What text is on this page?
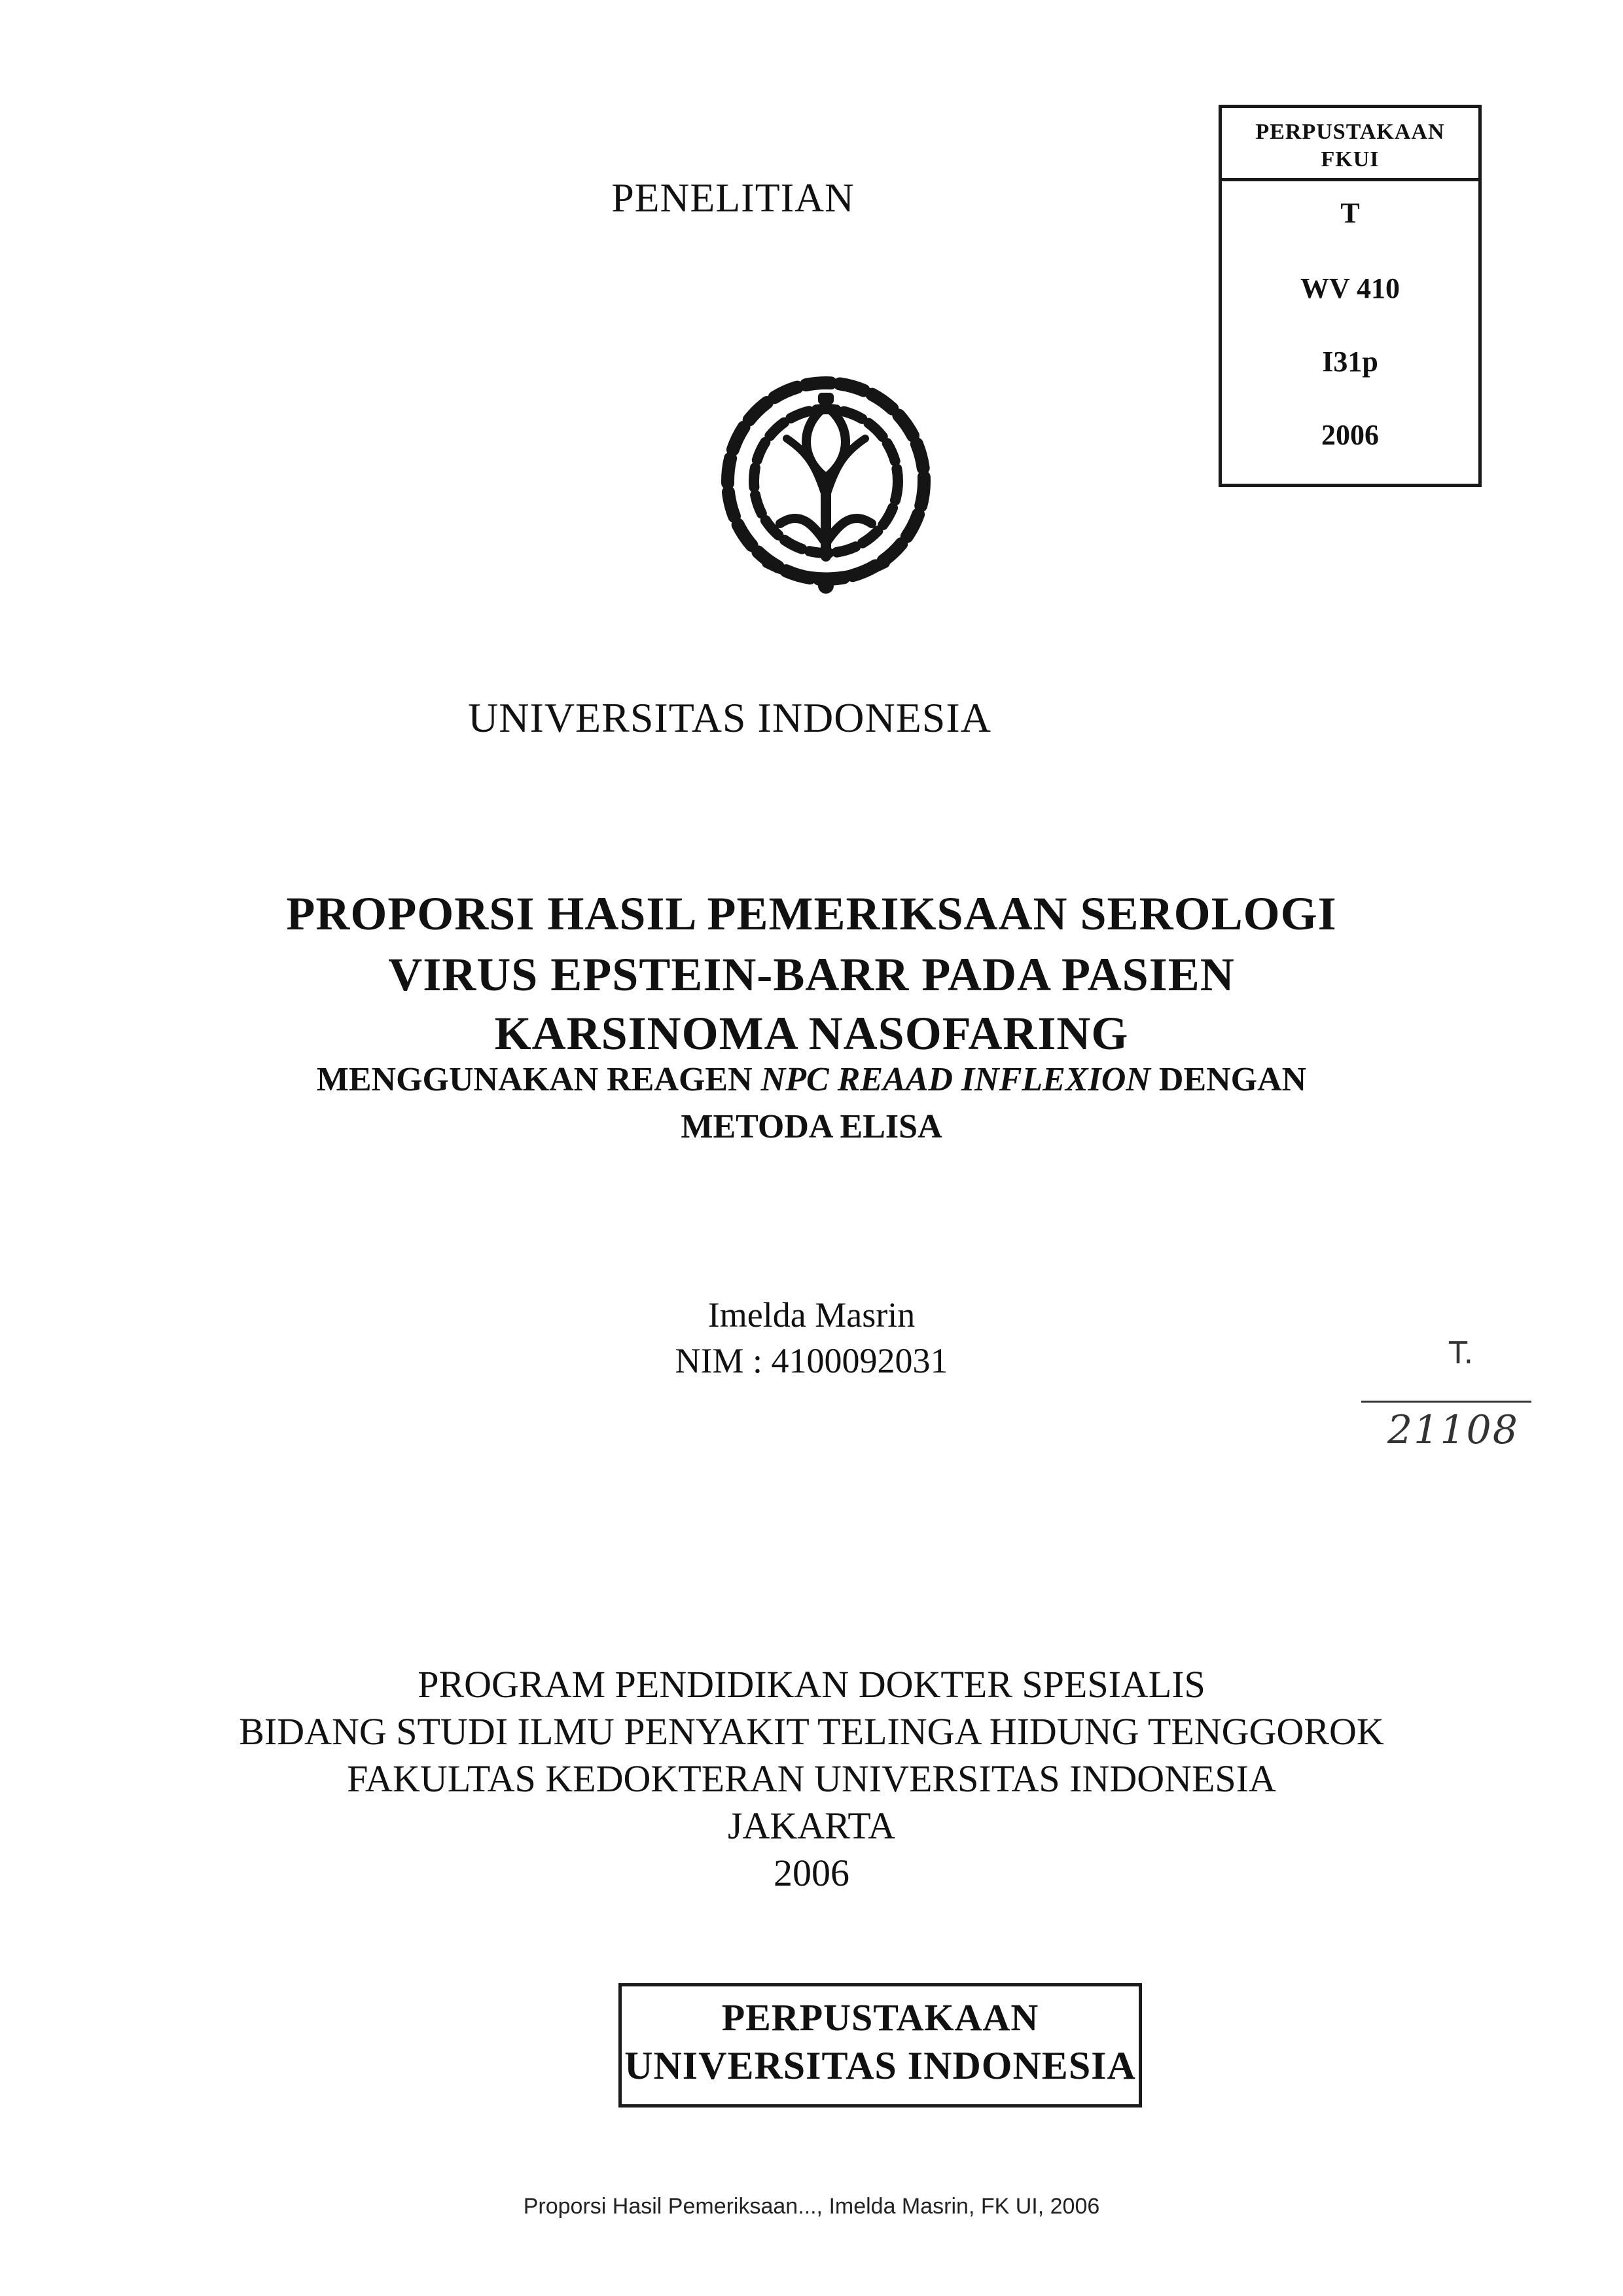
PERPUSTAKAAN
FKUI
T
WV 410
I31p
2006
PENELITIAN
UNIVERSITAS INDONESIA
PROPORSI HASIL PEMERIKSAAN SEROLOGI
VIRUS EPSTEIN-BARR PADA PASIEN
KARSINOMA NASOFARING
MENGGUNAKAN REAGEN NPC REAAD INFLEXION DENGAN
METODA ELISA
Imelda Masrin
NIM : 4100092031	T.
21108
PROGRAM PENDIDIKAN DOKTER SPESIALIS
BIDANG STUDI ILMU PENYAKIT TELINGA HIDUNG TENGGOROK
FAKULTAS KEDOKTERAN UNIVERSITAS INDONESIA
JAKARTA
2006
PERPUSTAKAAN
UNIVERSITAS INDONESIA
Proporsi Hasil Pemeriksaan..., Imelda Masrin, FK UI, 2006
